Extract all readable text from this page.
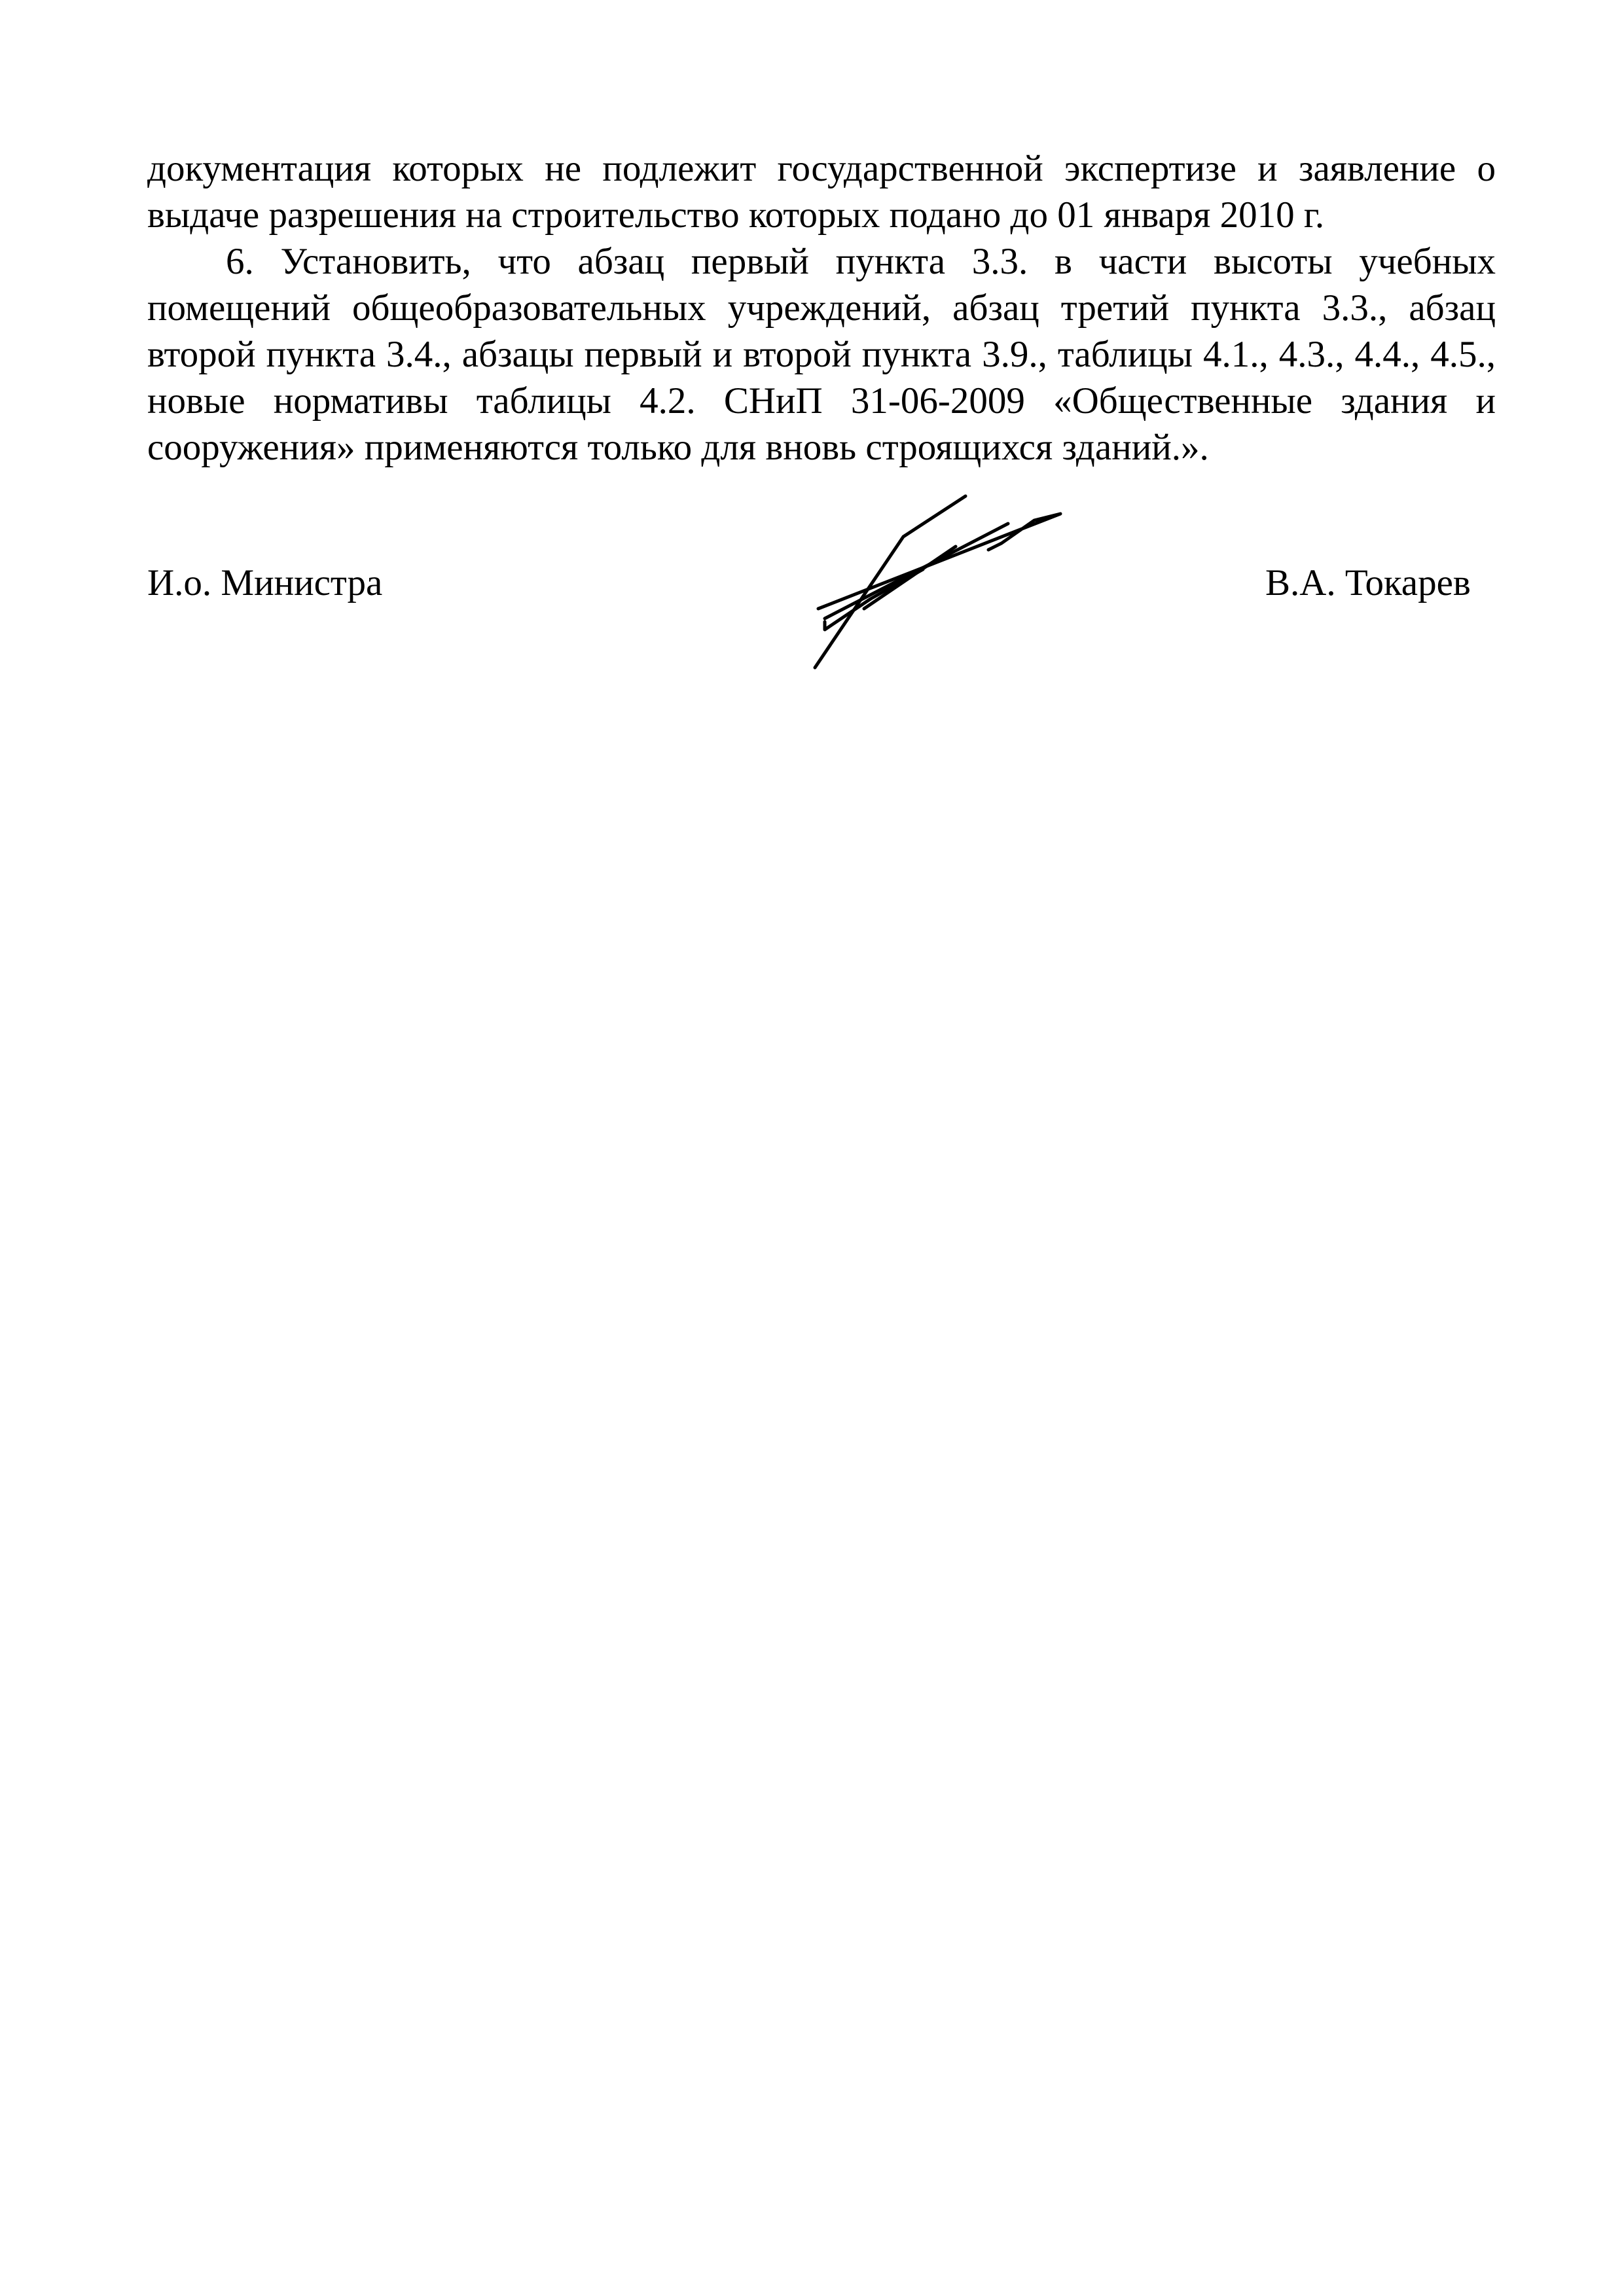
документация которых не подлежит государственной экспертизе и заявление о выдаче разрешения на строительство которых подано до 01 января 2010 г.

6. Установить, что абзац первый пункта 3.3. в части высоты учебных помещений общеобразовательных учреждений, абзац третий пункта 3.3., абзац второй пункта 3.4., абзацы первый и второй пункта 3.9., таблицы 4.1., 4.3., 4.4., 4.5., новые нормативы таблицы 4.2. СНиП 31-06-2009 «Общественные здания и сооружения» применяются только для вновь строящихся зданий.».

И.о. Министра	В.А. Токарев
